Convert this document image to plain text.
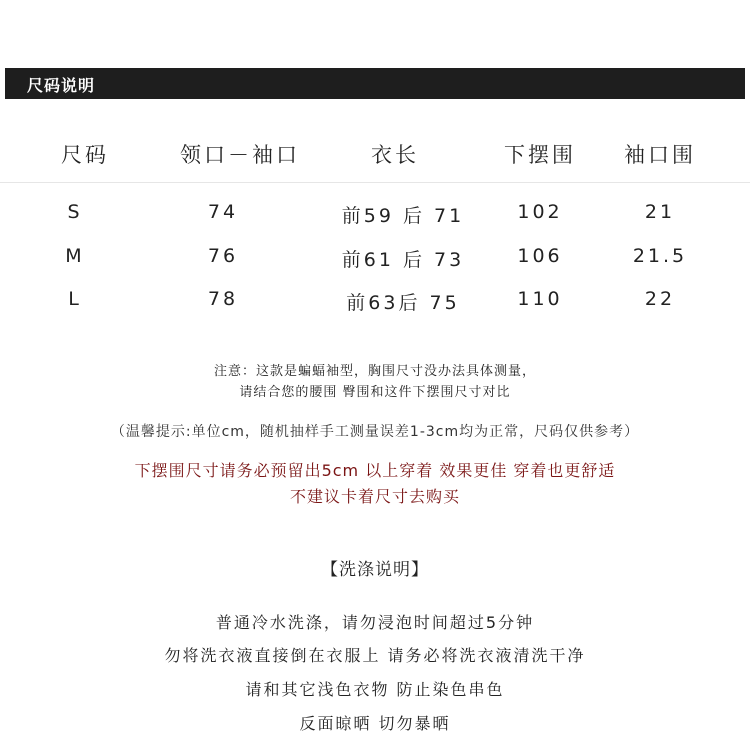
尺码说明
尺码	领口－袖口	衣长	下摆围	袖口围
S	74	前59 后 71	102	21
M	76	前61 后 73	106	21.5
L	78	前63后 75	110	22
注意：这款是蝙蝠袖型，胸围尺寸没办法具体测量，
请结合您的腰围 臀围和这件下摆围尺寸对比
（温馨提示:单位cm，随机抽样手工测量误差1-3cm均为正常，尺码仅供参考）
下摆围尺寸请务必预留出5cm 以上穿着 效果更佳 穿着也更舒适
不建议卡着尺寸去购买
【洗涤说明】
普通冷水洗涤，请勿浸泡时间超过5分钟
勿将洗衣液直接倒在衣服上 请务必将洗衣液清洗干净
请和其它浅色衣物 防止染色串色
反面晾晒 切勿暴晒
